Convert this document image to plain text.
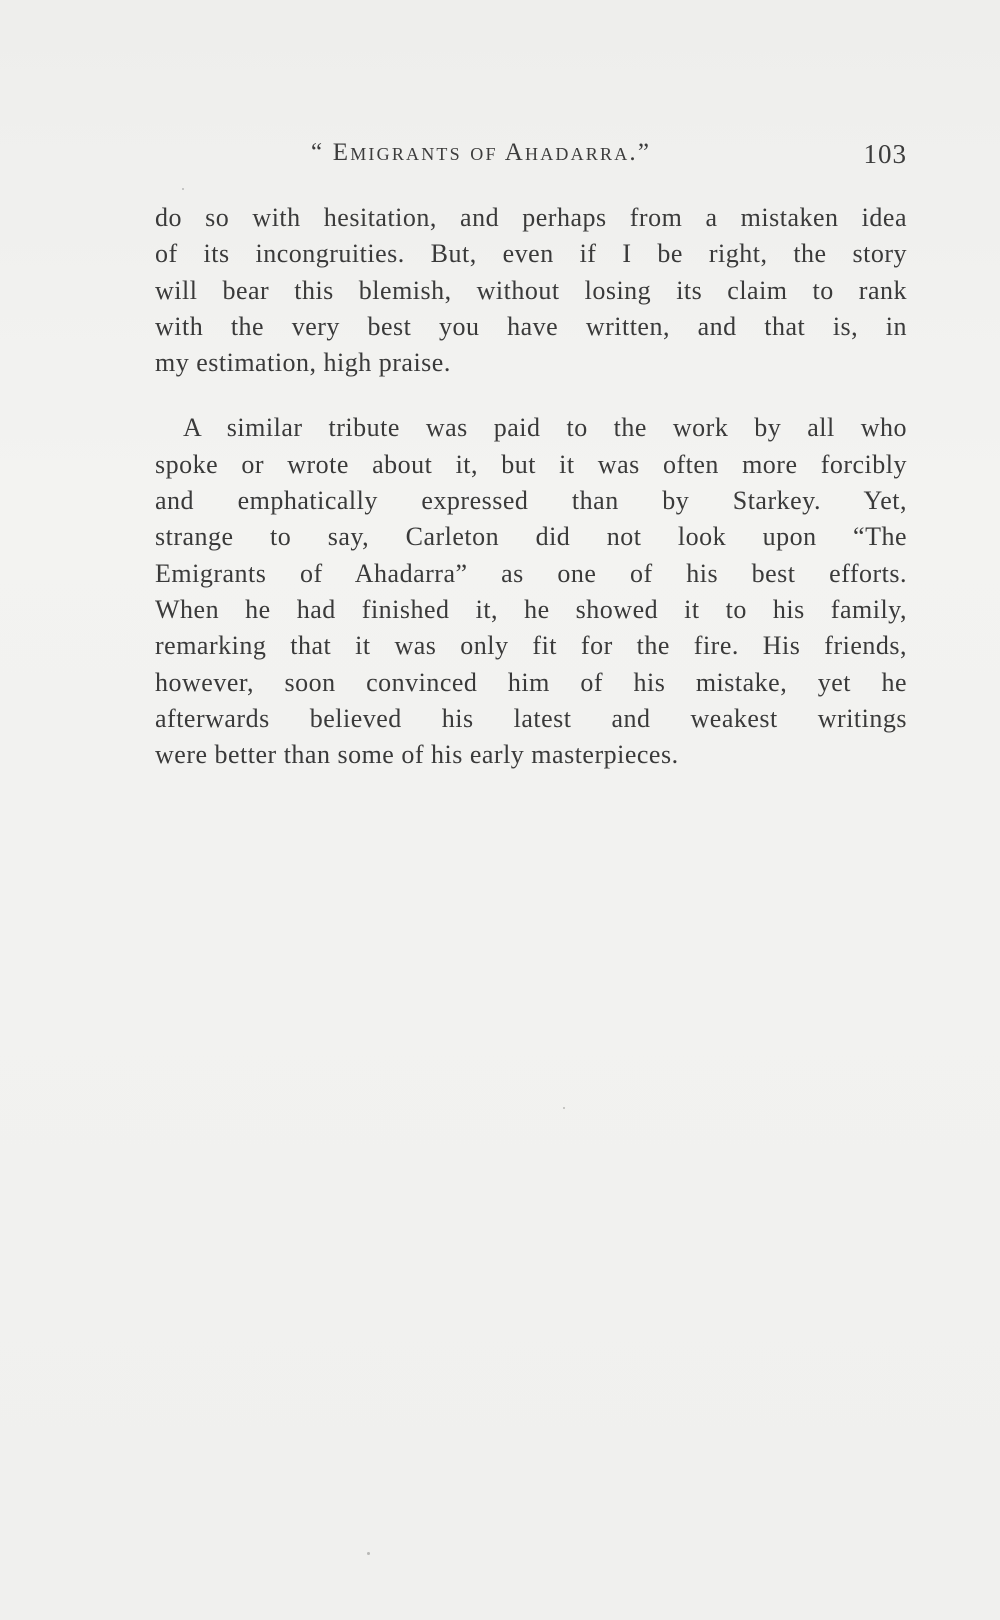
“ Emigrants of Ahadarra.”	103

do so with hesitation, and perhaps from a mistaken idea
of its incongruities. But, even if I be right, the story
will bear this blemish, without losing its claim to rank
with the very best you have written, and that is, in
my estimation, high praise.

A similar tribute was paid to the work by all who
spoke or wrote about it, but it was often more forcibly
and emphatically expressed than by Starkey. Yet,
strange to say, Carleton did not look upon “The
Emigrants of Ahadarra” as one of his best efforts.
When he had finished it, he showed it to his family,
remarking that it was only fit for the fire. His friends,
however, soon convinced him of his mistake, yet he
afterwards believed his latest and weakest writings
were better than some of his early masterpieces.
